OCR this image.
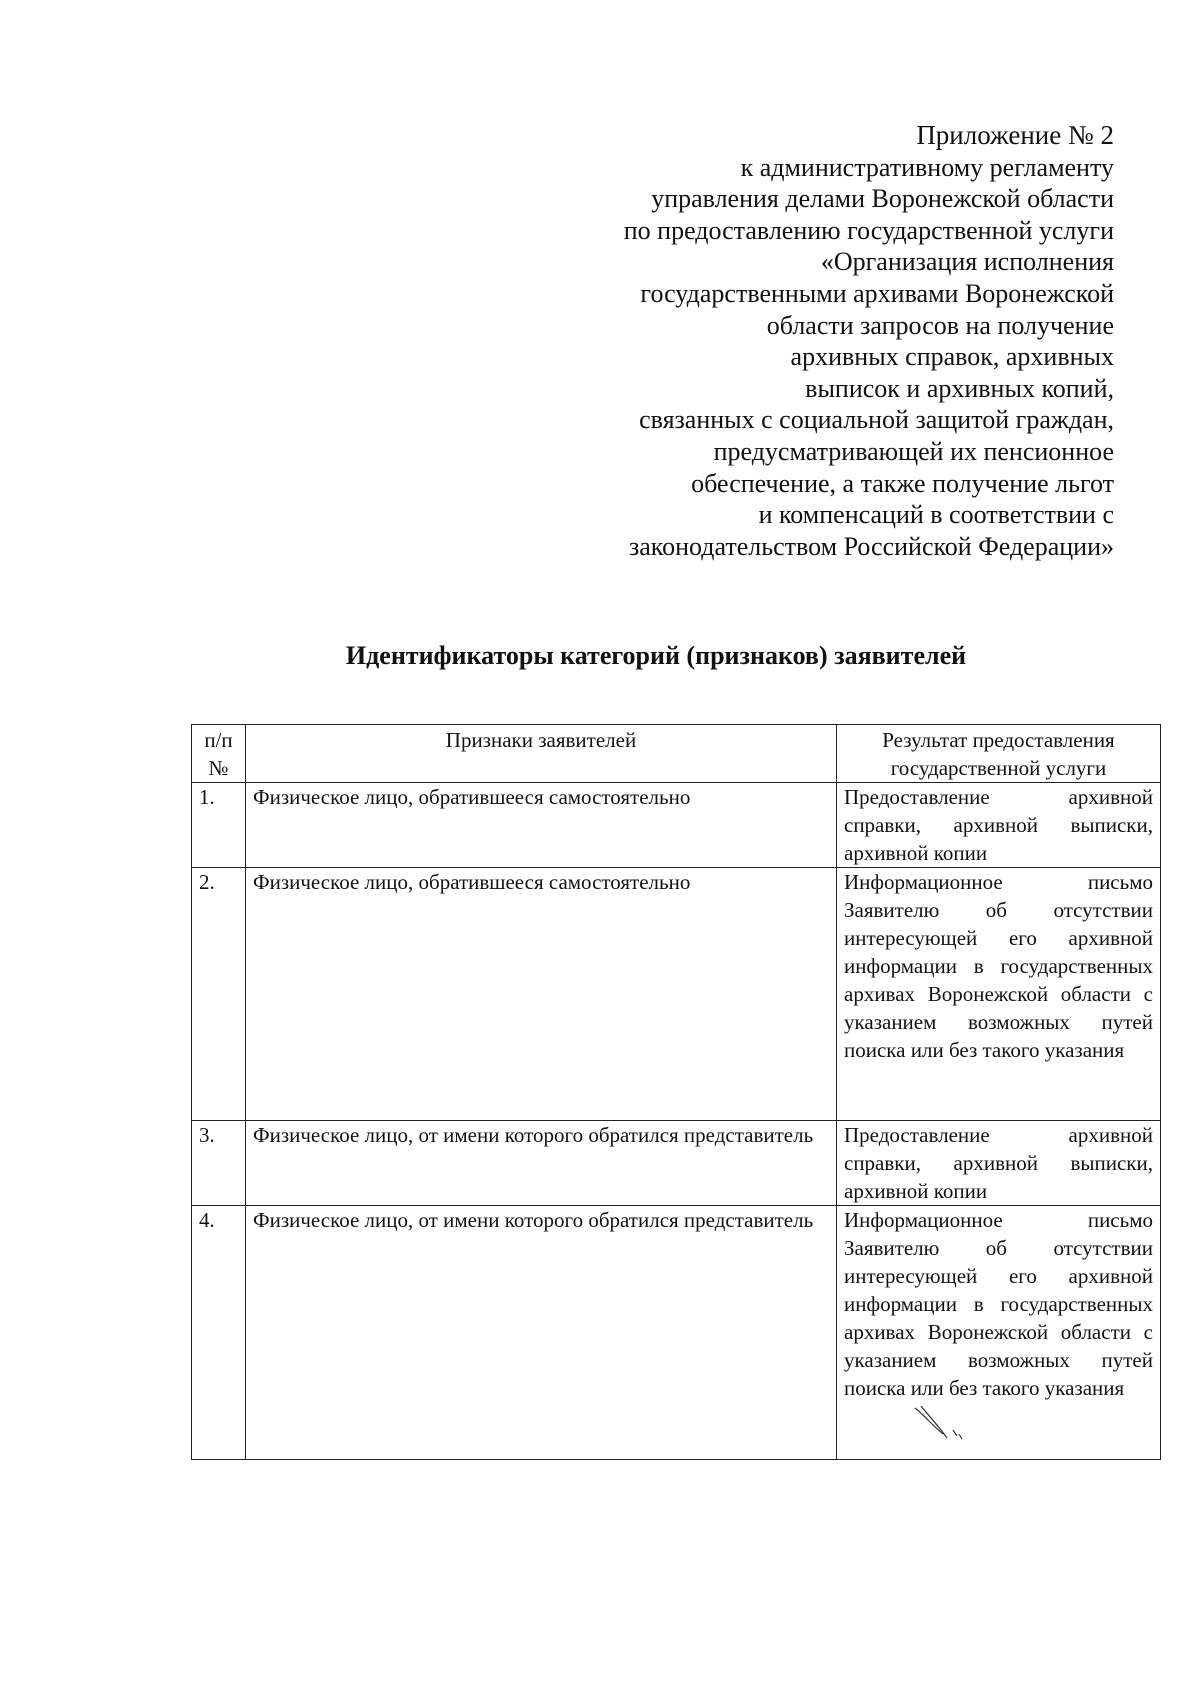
Приложение № 2
к административному регламенту
управления делами Воронежской области
по предоставлению государственной услуги
«Организация исполнения
государственными архивами Воронежской
области запросов на получение
архивных справок, архивных
выписок и архивных копий,
связанных с социальной защитой граждан,
предусматривающей их пенсионное
обеспечение, а также получение льгот
и компенсаций в соответствии с
законодательством Российской Федерации»
Идентификаторы категорий (признаков) заявителей
п/п №	Признаки заявителей	Результат предоставления государственной услуги
1.	Физическое лицо, обратившееся самостоятельно	Предоставление архивной справки, архивной выписки, архивной копии
2.	Физическое лицо, обратившееся самостоятельно	Информационное письмо Заявителю об отсутствии интересующей его архивной информации в государственных архивах Воронежской области с указанием возможных путей поиска или без такого указания
3.	Физическое лицо, от имени которого обратился представитель	Предоставление архивной справки, архивной выписки, архивной копии
4.	Физическое лицо, от имени которого обратился представитель	Информационное письмо Заявителю об отсутствии интересующей его архивной информации в государственных архивах Воронежской области с указанием возможных путей поиска или без такого указания
